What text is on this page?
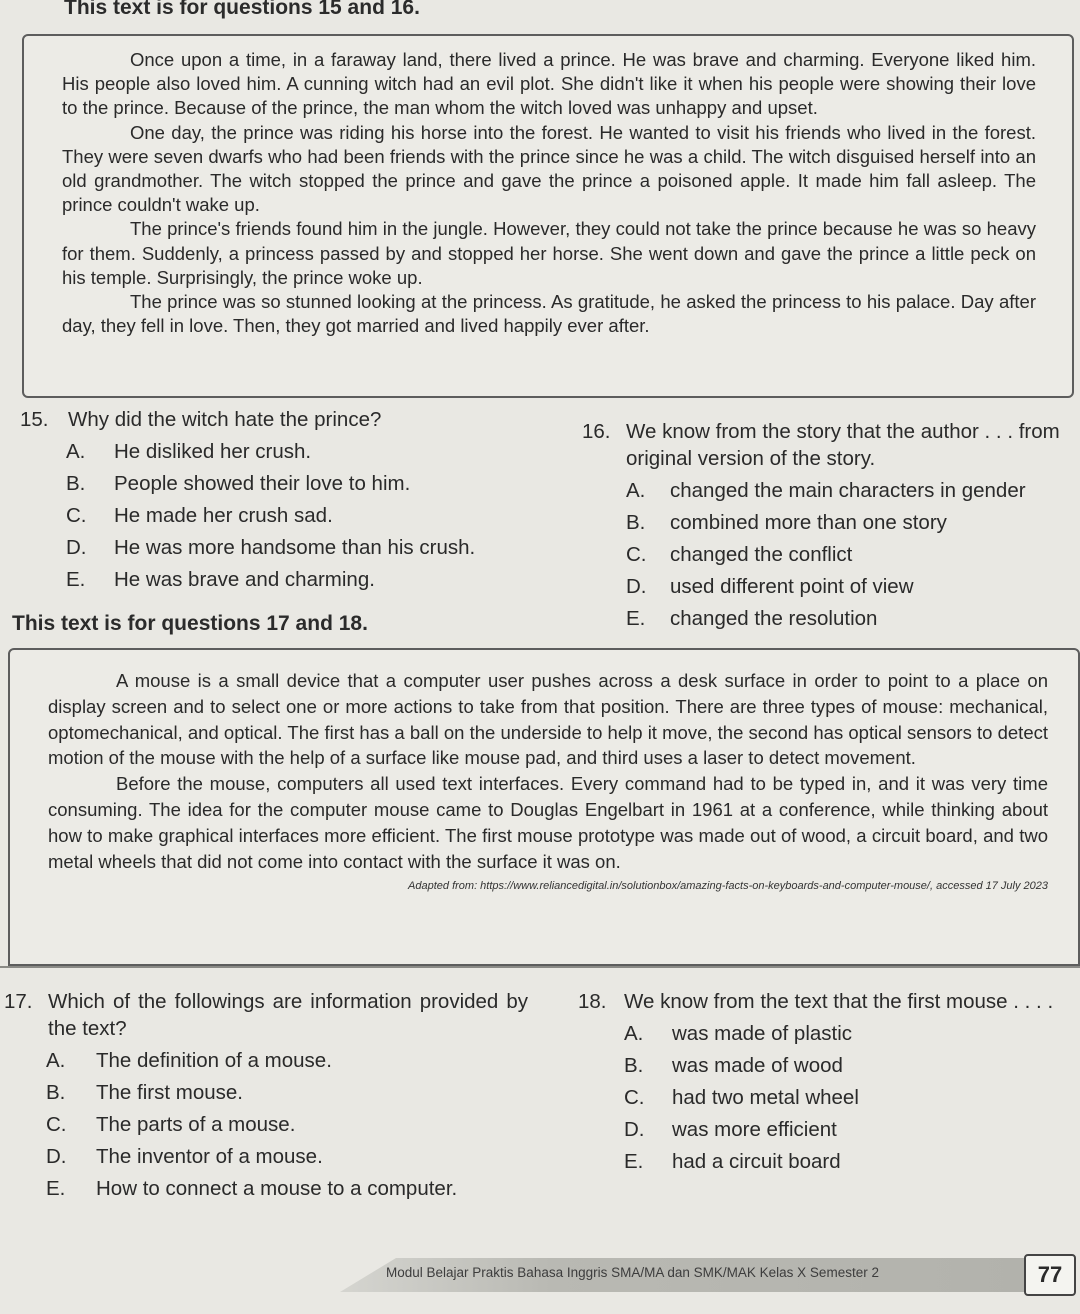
This text is for questions 15 and 16.

Once upon a time, in a faraway land, there lived a prince. He was brave and charming. Everyone liked him. His people also loved him. A cunning witch had an evil plot. She didn't like it when his people were showing their love to the prince. Because of the prince, the man whom the witch loved was unhappy and upset.

One day, the prince was riding his horse into the forest. He wanted to visit his friends who lived in the forest. They were seven dwarfs who had been friends with the prince since he was a child. The witch disguised herself into an old grandmother. The witch stopped the prince and gave the prince a poisoned apple. It made him fall asleep. The prince couldn't wake up.

The prince's friends found him in the jungle. However, they could not take the prince because he was so heavy for them. Suddenly, a princess passed by and stopped her horse. She went down and gave the prince a little peck on his temple. Surprisingly, the prince woke up.

The prince was so stunned looking at the princess. As gratitude, he asked the princess to his palace. Day after day, they fell in love. Then, they got married and lived happily ever after.

15. Why did the witch hate the prince?
A.	He disliked her crush.
B.	People showed their love to him.
C.	He made her crush sad.
D.	He was more handsome than his crush.
E.	He was brave and charming.
16. We know from the story that the author . . . from original version of the story.
A.	changed the main characters in gender
B.	combined more than one story
C.	changed the conflict
D.	used different point of view
E.	changed the resolution
This text is for questions 17 and 18.

A mouse is a small device that a computer user pushes across a desk surface in order to point to a place on display screen and to select one or more actions to take from that position. There are three types of mouse: mechanical, optomechanical, and optical. The first has a ball on the underside to help it move, the second has optical sensors to detect motion of the mouse with the help of a surface like mouse pad, and third uses a laser to detect movement.

Before the mouse, computers all used text interfaces. Every command had to be typed in, and it was very time consuming. The idea for the computer mouse came to Douglas Engelbart in 1961 at a conference, while thinking about how to make graphical interfaces more efficient. The first mouse prototype was made out of wood, a circuit board, and two metal wheels that did not come into contact with the surface it was on.

Adapted from: https://www.reliancedigital.in/solutionbox/amazing-facts-on-keyboards-and-computer-mouse/, accessed 17 July 2023
17. Which of the followings are information provided by the text?
A.	The definition of a mouse.
B.	The first mouse.
C.	The parts of a mouse.
D.	The inventor of a mouse.
E.	How to connect a mouse to a computer.
18. We know from the text that the first mouse . . . .
A.	was made of plastic
B.	was made of wood
C.	had two metal wheel
D.	was more efficient
E.	had a circuit board
Modul Belajar Praktis Bahasa Inggris SMA/MA dan SMK/MAK Kelas X Semester 2	77
